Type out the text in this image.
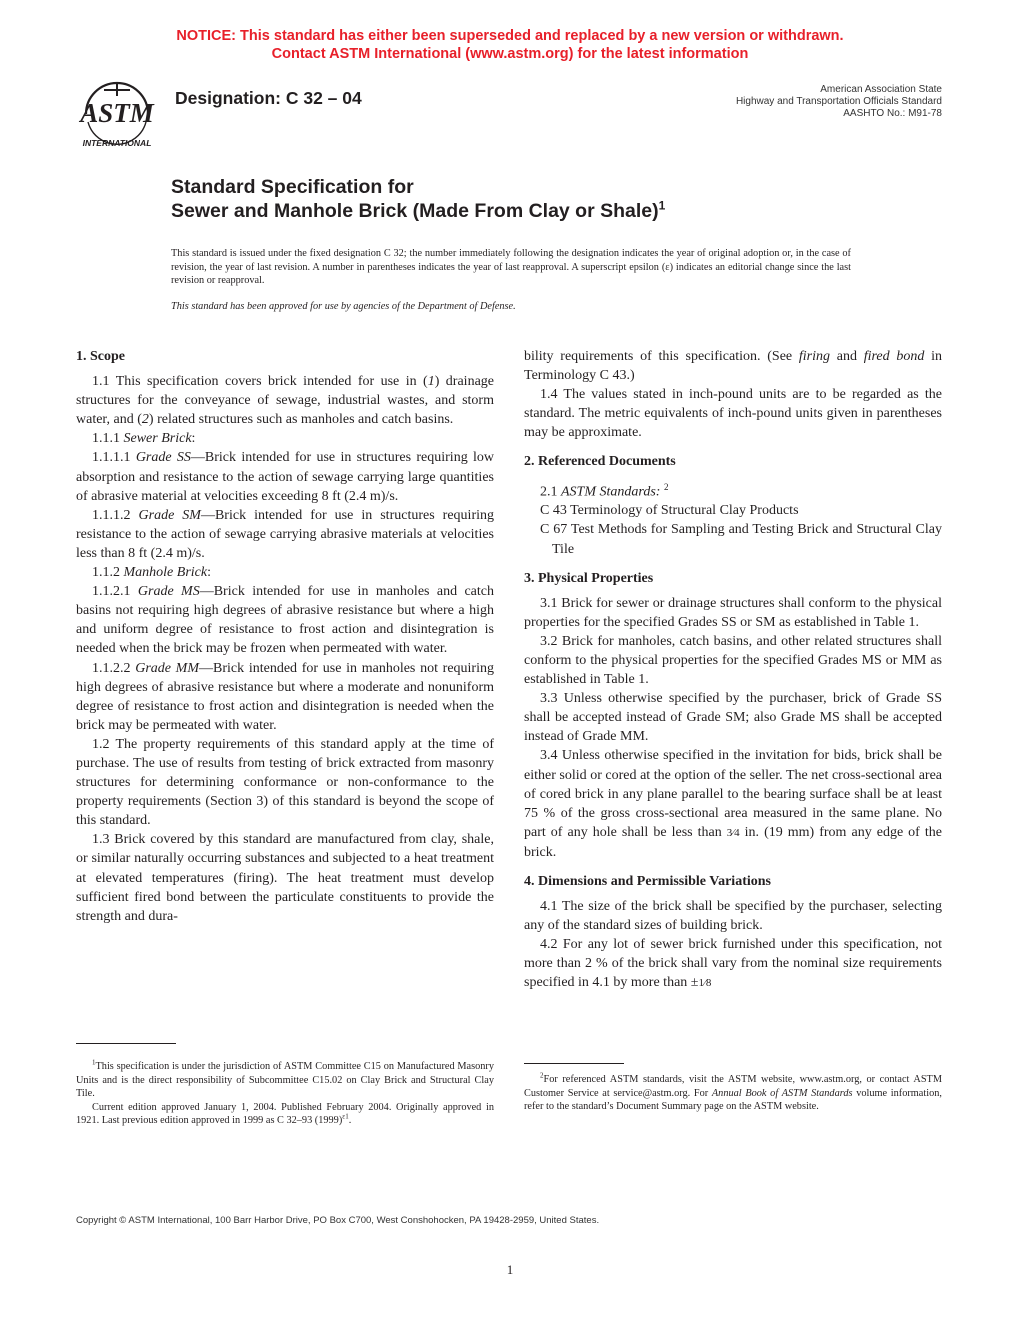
NOTICE: This standard has either been superseded and replaced by a new version or withdrawn.
Contact ASTM International (www.astm.org) for the latest information
ASTM
INTERNATIONAL
Designation: C 32 – 04	American Association State
Highway and Transportation Officials Standard
AASHTO No.: M91-78
Standard Specification for
Sewer and Manhole Brick (Made From Clay or Shale)$^1$
This standard is issued under the fixed designation C 32; the number immediately following the designation indicates the year of original adoption or, in the case of revision, the year of last revision. A number in parentheses indicates the year of last reapproval. A superscript epsilon (ε) indicates an editorial change since the last revision or reapproval.
This standard has been approved for use by agencies of the Department of Defense.
1. Scope

1.1 This specification covers brick intended for use in (1) drainage structures for the conveyance of sewage, industrial wastes, and storm water, and (2) related structures such as manholes and catch basins.

1.1.1 Sewer Brick:

1.1.1.1 Grade SS—Brick intended for use in structures requiring low absorption and resistance to the action of sewage carrying large quantities of abrasive material at velocities exceeding 8 ft (2.4 m)/s.

1.1.1.2 Grade SM—Brick intended for use in structures requiring resistance to the action of sewage carrying abrasive materials at velocities less than 8 ft (2.4 m)/s.

1.1.2 Manhole Brick:

1.1.2.1 Grade MS—Brick intended for use in manholes and catch basins not requiring high degrees of abrasive resistance but where a high and uniform degree of resistance to frost action and disintegration is needed when the brick may be frozen when permeated with water.

1.1.2.2 Grade MM—Brick intended for use in manholes not requiring high degrees of abrasive resistance but where a moderate and nonuniform degree of resistance to frost action and disintegration is needed when the brick may be permeated with water.

1.2 The property requirements of this standard apply at the time of purchase. The use of results from testing of brick extracted from masonry structures for determining conformance or non-conformance to the property requirements (Section 3) of this standard is beyond the scope of this standard.

1.3 Brick covered by this standard are manufactured from clay, shale, or similar naturally occurring substances and subjected to a heat treatment at elevated temperatures (firing). The heat treatment must develop sufficient fired bond between the particulate constituents to provide the strength and dura-

bility requirements of this specification. (See firing and fired bond in Terminology C 43.)

1.4 The values stated in inch-pound units are to be regarded as the standard. The metric equivalents of inch-pound units given in parentheses may be approximate.

2. Referenced Documents

2.1 ASTM Standards: $^2$

C 43 Terminology of Structural Clay Products

C 67 Test Methods for Sampling and Testing Brick and Structural Clay Tile

3. Physical Properties

3.1 Brick for sewer or drainage structures shall conform to the physical properties for the specified Grades SS or SM as established in Table 1.

3.2 Brick for manholes, catch basins, and other related structures shall conform to the physical properties for the specified Grades MS or MM as established in Table 1.

3.3 Unless otherwise specified by the purchaser, brick of Grade SS shall be accepted instead of Grade SM; also Grade MS shall be accepted instead of Grade MM.

3.4 Unless otherwise specified in the invitation for bids, brick shall be either solid or cored at the option of the seller. The net cross-sectional area of cored brick in any plane parallel to the bearing surface shall be at least 75 % of the gross cross-sectional area measured in the same plane. No part of any hole shall be less than 3⁄4 in. (19 mm) from any edge of the brick.

4. Dimensions and Permissible Variations

4.1 The size of the brick shall be specified by the purchaser, selecting any of the standard sizes of building brick.

4.2 For any lot of sewer brick furnished under this specification, not more than 2 % of the brick shall vary from the nominal size requirements specified in 4.1 by more than ±1⁄8

$^1$This specification is under the jurisdiction of ASTM Committee C15 on Manufactured Masonry Units and is the direct responsibility of Subcommittee C15.02 on Clay Brick and Structural Clay Tile.

Current edition approved January 1, 2004. Published February 2004. Originally approved in 1921. Last previous edition approved in 1999 as C 32–93 $(1999)^{\varepsilon 1}$.

$^2$For referenced ASTM standards, visit the ASTM website, www.astm.org, or contact ASTM Customer Service at service@astm.org. For Annual Book of ASTM Standards volume information, refer to the standard’s Document Summary page on the ASTM website.

Copyright © ASTM International, 100 Barr Harbor Drive, PO Box C700, West Conshohocken, PA 19428-2959, United States.
1
